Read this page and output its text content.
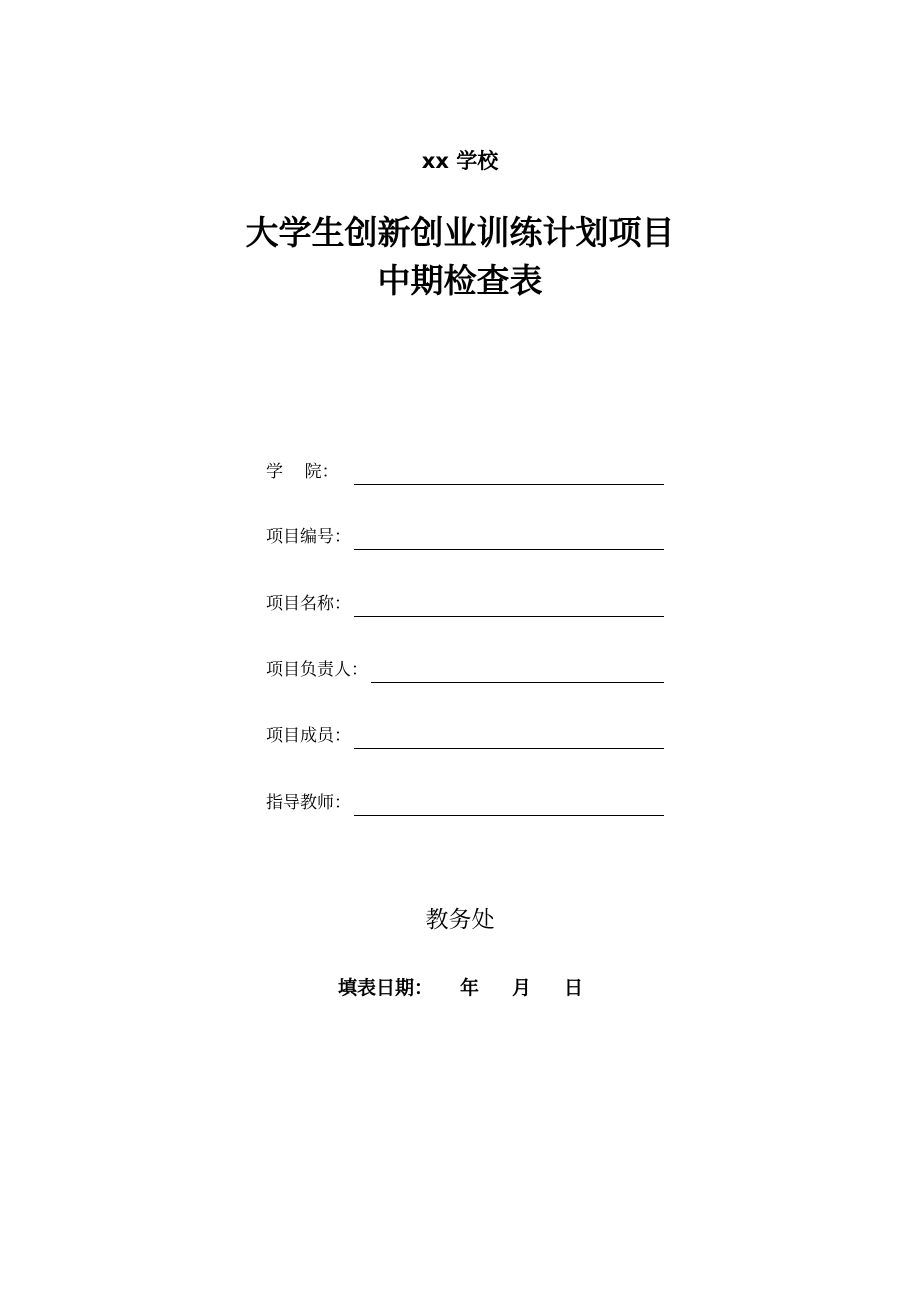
xx 学校
大学生创新创业训练计划项目
中期检查表
学    院：
项目编号：
项目名称：
项目负责人：
项目成员：
指导教师：
教务处
填表日期： 年 月 日
